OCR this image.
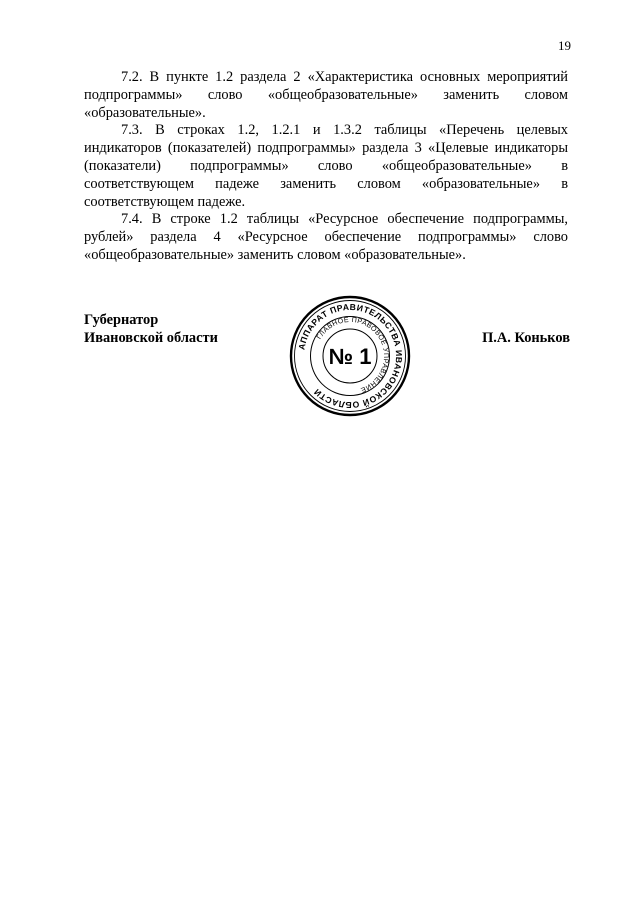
19

7.2. В пункте 1.2 раздела 2 «Характеристика основных мероприятий подпрограммы» слово «общеобразовательные» заменить словом «образовательные».

7.3. В строках 1.2, 1.2.1 и 1.3.2 таблицы «Перечень целевых индикаторов (показателей) подпрограммы» раздела 3 «Целевые индикаторы (показатели) подпрограммы» слово «общеобразовательные» в соответствующем падеже заменить словом «образовательные» в соответствующем падеже.

7.4. В строке 1.2 таблицы «Ресурсное обеспечение подпрограммы, рублей» раздела 4 «Ресурсное обеспечение подпрограммы» слово «общеобразовательные» заменить словом «образовательные».

Губернатор
Ивановской области	П.А. Коньков
АППАРАТ ПРАВИТЕЛЬСТВА ИВАНОВСКОЙ ОБЛАСТИ
ГЛАВНОЕ ПРАВОВОЕ УПРАВЛЕНИЕ
№ 1
